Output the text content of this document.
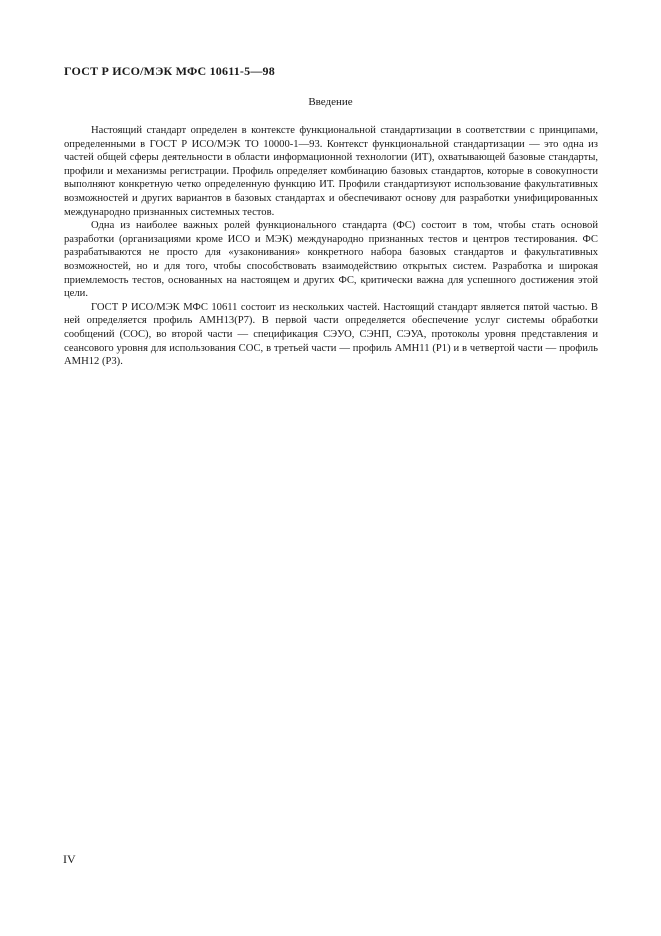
ГОСТ Р ИСО/МЭК МФС 10611-5—98
Введение

Настоящий стандарт определен в контексте функциональной стандартизации в соответствии с принципами, определенными в ГОСТ Р ИСО/МЭК ТО 10000-1—93. Контекст функциональной стандартизации — это одна из частей общей сферы деятельности в области информационной технологии (ИТ), охватывающей базовые стандарты, профили и механизмы регистрации. Профиль определяет комбинацию базовых стандартов, которые в совокупности выполняют конкретную четко определенную функцию ИТ. Профили стандартизуют использование факультативных возможностей и других вариантов в базовых стандартах и обеспечивают основу для разработки унифицированных международно признанных системных тестов.

Одна из наиболее важных ролей функционального стандарта (ФС) состоит в том, чтобы стать основой разработки (организациями кроме ИСО и МЭК) международно признанных тестов и центров тестирования. ФС разрабатываются не просто для «узаконивания» конкретного набора базовых стандартов и факультативных возможностей, но и для того, чтобы способствовать взаимодействию открытых систем. Разработка и широкая приемлемость тестов, основанных на настоящем и других ФС, критически важна для успешного достижения этой цели.

ГОСТ Р ИСО/МЭК МФС 10611 состоит из нескольких частей. Настоящий стандарт является пятой частью. В ней определяется профиль АМН13(Р7). В первой части определяется обеспечение услуг системы обработки сообщений (СОС), во второй части — спецификация СЭУО, СЭНП, СЭУА, протоколы уровня представления и сеансового уровня для использования СОС, в третьей части — профиль АМН11 (Р1) и в четвертой части — профиль АМН12 (Р3).

IV
